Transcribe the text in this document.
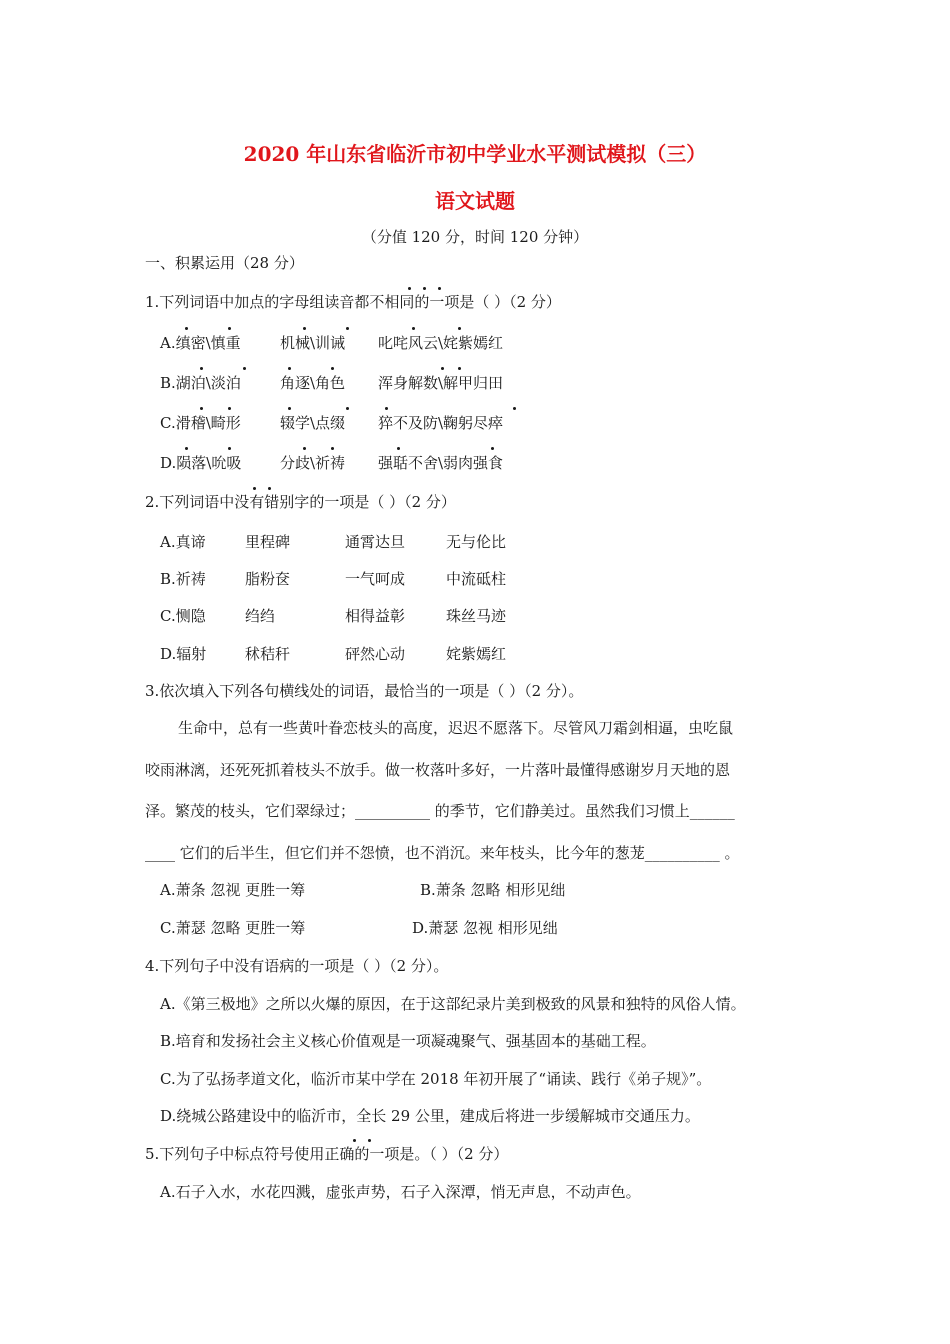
2020 年山东省临沂市初中学业水平测试模拟（三）
语文试题
（分值 120 分，时间 120 分钟）
一、积累运用（28 分）
1.下列词语中加点的字母组读音都不相同的一项是（ ）（2 分）
A.缜密\慎重	机械\训诫 叱咤风云\姹紫嫣红
B.湖泊\淡泊	角逐\角色 浑身解数\解甲归田
C.滑稽\畸形	辍学\点缀 猝不及防\鞠躬尽瘁
D.陨落\吮吸	分歧\祈祷 强聒不舍\弱肉强食
2.下列词语中没有错别字的一项是（ ）（2 分）
A.真谛	里程碑	通霄达旦	无与伦比
B.祈祷	脂粉奁	一气呵成	中流砥柱
C.恻隐	绉绉	相得益彰	珠丝马迹
D.辐射	秫秸秆	砰然心动	姹紫嫣红
3.依次填入下列各句横线处的词语，最恰当的一项是（ ）（2 分）。
生命中，总有一些黄叶眷恋枝头的高度，迟迟不愿落下。尽管风刀霜剑相逼，虫吃鼠
咬雨淋漓，还死死抓着枝头不放手。做一枚落叶多好，一片落叶最懂得感谢岁月天地的恩
泽。繁茂的枝头，它们翠绿过；__________ 的季节，它们静美过。虽然我们习惯上______
____ 它们的后半生，但它们并不怨愤，也不消沉。来年枝头，比今年的葱茏__________ 。
A.萧条 忽视 更胜一筹	B.萧条 忽略 相形见绌
C.萧瑟 忽略 更胜一筹	D.萧瑟 忽视 相形见绌
4.下列句子中没有语病的一项是（ ）（2 分）。
A.《第三极地》之所以火爆的原因，在于这部纪录片美到极致的风景和独特的风俗人情。
B.培育和发扬社会主义核心价值观是一项凝魂聚气、强基固本的基础工程。
C.为了弘扬孝道文化，临沂市某中学在 2018 年初开展了“诵读、践行《弟子规》”。
D.绕城公路建设中的临沂市，全长 29 公里，建成后将进一步缓解城市交通压力。
5.下列句子中标点符号使用正确的一项是。（ ）（2 分）
A.石子入水，水花四溅，虚张声势，石子入深潭，悄无声息，不动声色。
